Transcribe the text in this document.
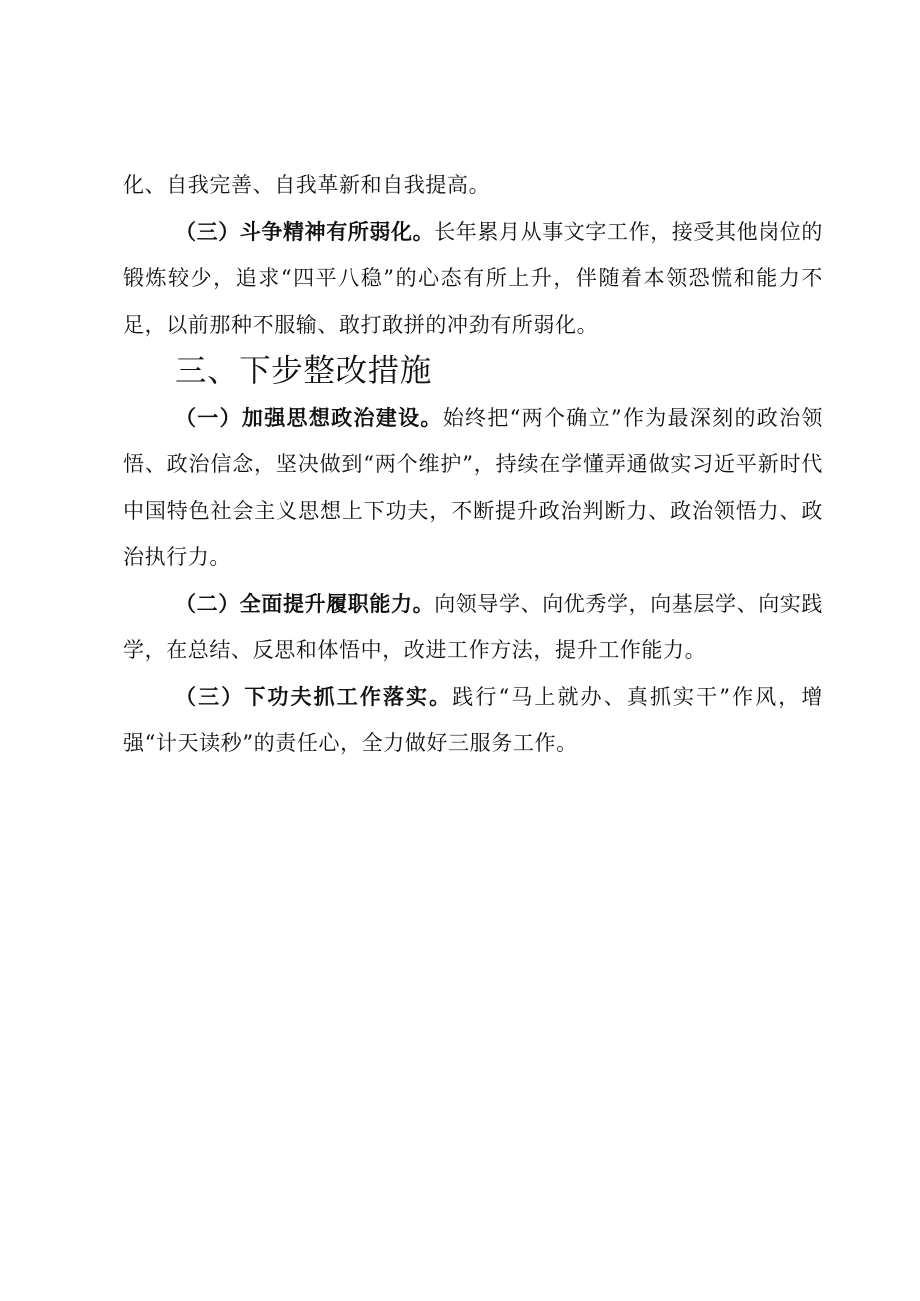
化、自我完善、自我革新和自我提高。

（三）斗争精神有所弱化。长年累月从事文字工作，接受其他岗位的锻炼较少，追求“四平八稳”的心态有所上升，伴随着本领恐慌和能力不足，以前那种不服输、敢打敢拼的冲劲有所弱化。

三、下步整改措施

（一）加强思想政治建设。始终把“两个确立”作为最深刻的政治领悟、政治信念，坚决做到“两个维护”，持续在学懂弄通做实习近平新时代中国特色社会主义思想上下功夫，不断提升政治判断力、政治领悟力、政治执行力。

（二）全面提升履职能力。向领导学、向优秀学，向基层学、向实践学，在总结、反思和体悟中，改进工作方法，提升工作能力。

（三）下功夫抓工作落实。践行“马上就办、真抓实干”作风，增强“计天读秒”的责任心，全力做好三服务工作。
